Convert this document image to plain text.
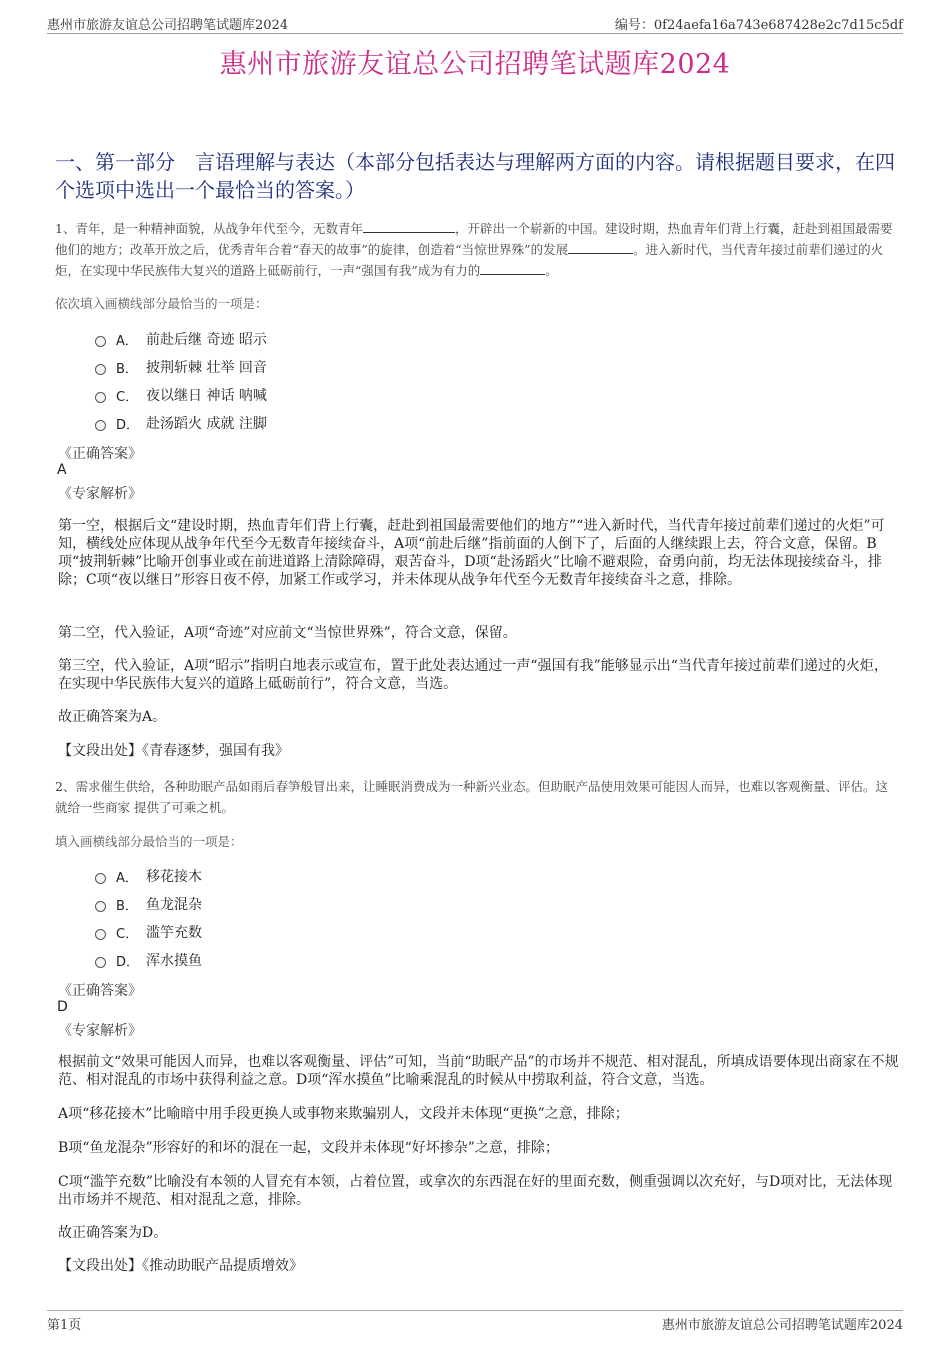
惠州市旅游友谊总公司招聘笔试题库2024	编号：0f24aefa16a743e687428e2c7d15c5df
惠州市旅游友谊总公司招聘笔试题库2024
一、第一部分　言语理解与表达（本部分包括表达与理解两方面的内容。请根据题目要求，在四个选项中选出一个最恰当的答案。）
1、青年，是一种精神面貌，从战争年代至今，无数青年	，开辟出一个崭新的中国。建设时期，热血青年们背上行囊，赶赴到祖国最需要他们的地方；改革开放之后，优秀青年合着“春天的故事”的旋律，创造着“当惊世界殊”的发展	。进入新时代，当代青年接过前辈们递过的火炬，在实现中华民族伟大复兴的道路上砥砺前行，一声“强国有我”成为有力的	。
依次填入画横线部分最恰当的一项是：
A． 前赴后继 奇迹 昭示
B． 披荆斩棘 壮举 回音
C． 夜以继日 神话 呐喊
D． 赴汤蹈火 成就 注脚
《正确答案》
A
《专家解析》
第一空，根据后文“建设时期，热血青年们背上行囊，赶赴到祖国最需要他们的地方”“进入新时代，当代青年接过前辈们递过的火炬”可知，横线处应体现从战争年代至今无数青年接续奋斗，A项“前赴后继”指前面的人倒下了，后面的人继续跟上去，符合文意，保留。B项“披荆斩棘”比喻开创事业或在前进道路上清除障碍，艰苦奋斗，D项“赴汤蹈火”比喻不避艰险，奋勇向前，均无法体现接续奋斗，排除；C项“夜以继日”形容日夜不停，加紧工作或学习，并未体现从战争年代至今无数青年接续奋斗之意，排除。
第二空，代入验证，A项“奇迹”对应前文“当惊世界殊”，符合文意，保留。
第三空，代入验证，A项“昭示”指明白地表示或宣布，置于此处表达通过一声“强国有我”能够显示出“当代青年接过前辈们递过的火炬，在实现中华民族伟大复兴的道路上砥砺前行”，符合文意，当选。
故正确答案为A。
【文段出处】《青春逐梦，强国有我》
2、需求催生供给，各种助眠产品如雨后春笋般冒出来，让睡眠消费成为一种新兴业态。但助眠产品使用效果可能因人而异，也难以客观衡量、评估。这就给一些商家 提供了可乘之机。
填入画横线部分最恰当的一项是：
A． 移花接木
B． 鱼龙混杂
C． 滥竽充数
D． 浑水摸鱼
《正确答案》
D
《专家解析》
根据前文“效果可能因人而异，也难以客观衡量、评估”可知，当前“助眠产品”的市场并不规范、相对混乱，所填成语要体现出商家在不规范、相对混乱的市场中获得利益之意。D项“浑水摸鱼”比喻乘混乱的时候从中捞取利益，符合文意，当选。
A项“移花接木”比喻暗中用手段更换人或事物来欺骗别人，文段并未体现“更换”之意，排除；
B项“鱼龙混杂”形容好的和坏的混在一起，文段并未体现“好坏掺杂”之意，排除；
C项“滥竽充数”比喻没有本领的人冒充有本领，占着位置，或拿次的东西混在好的里面充数，侧重强调以次充好，与D项对比，无法体现出市场并不规范、相对混乱之意，排除。
故正确答案为D。
【文段出处】《推动助眠产品提质增效》
第1页	惠州市旅游友谊总公司招聘笔试题库2024
